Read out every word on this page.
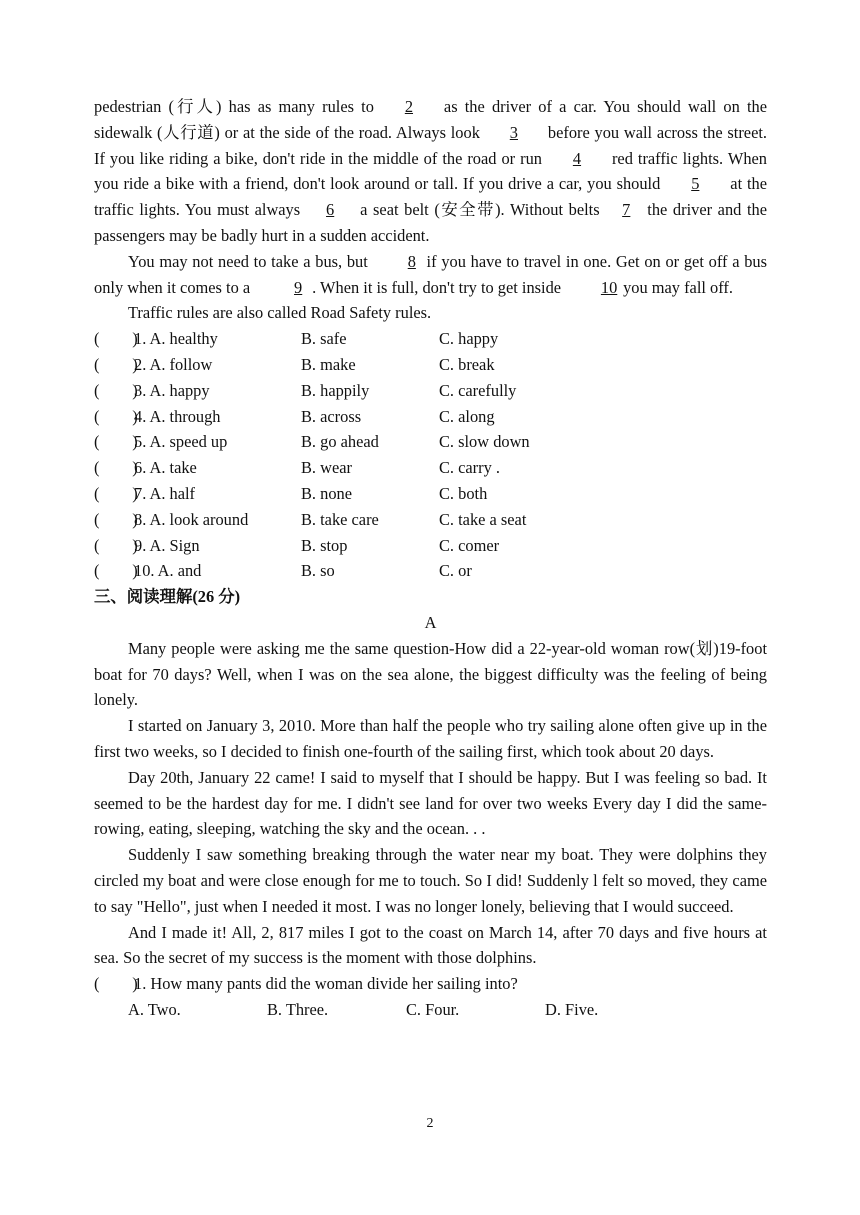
pedestrian (行人) has as many rules to 2 as the driver of a car. You should wall on the sidewalk (人行道) or at the side of the road. Always look 3 before you wall across the street. If you like riding a bike, don't ride in the middle of the road or run 4 red traffic lights. When you ride a bike with a friend, don't look around or tall. If you drive a car, you should 5 at the traffic lights. You must always 6 a seat belt (安全带). Without belts 7 the driver and the passengers may be badly hurt in a sudden accident.

You may not need to take a bus, but 8 if you have to travel in one. Get on or get off a bus only when it comes to a	9 . When it is full, don't try to get inside 10 you may fall off.

Traffic rules are also called Road Safety rules.

(        )
1. A. healthy	B. safe	C. happy
(        )
2. A. follow	B. make	C. break
(        )
3. A. happy	B. happily	C. carefully
(        )
4. A. through	B. across	C. along
(        )
5. A. speed up	B. go ahead	C. slow down
(        )
6. A. take	B. wear	C. carry .
(        )
7. A. half	B. none	C. both
(        )
8. A. look around	B. take care	C. take a seat
(        )
9. A. Sign	B. stop	C. comer
(        )
10. A. and	B. so	C. or

三、阅读理解(26 分)

A

Many people were asking me the same question-How did a 22-year-old woman row(划)19-foot boat for 70 days? Well, when I was on the sea alone, the biggest difficulty was the feeling of being lonely.

I started on January 3, 2010. More than half the people who try sailing alone often give up in the first two weeks, so I decided to finish one-fourth of the sailing first, which took about 20 days.

Day 20th, January 22 came! I said to myself that I should be happy. But I was feeling so bad. It seemed to be the hardest day for me. I didn't see land for over two weeks Every day I did the same-rowing, eating, sleeping, watching the sky and the ocean. . .

Suddenly I saw something breaking through the water near my boat. They were dolphins they circled my boat and were close enough for me to touch. So I did! Suddenly l felt so moved, they came to say "Hello", just when I needed it most. I was no longer lonely, believing that I would succeed.

And I made it! All, 2, 817 miles I got to the coast on March 14, after 70 days and five hours at sea. So the secret of my success is the moment with those dolphins.

(        )
1. How many pants did the woman divide her sailing into?
A. Two.	B. Three.	C. Four.	D. Five.
2
